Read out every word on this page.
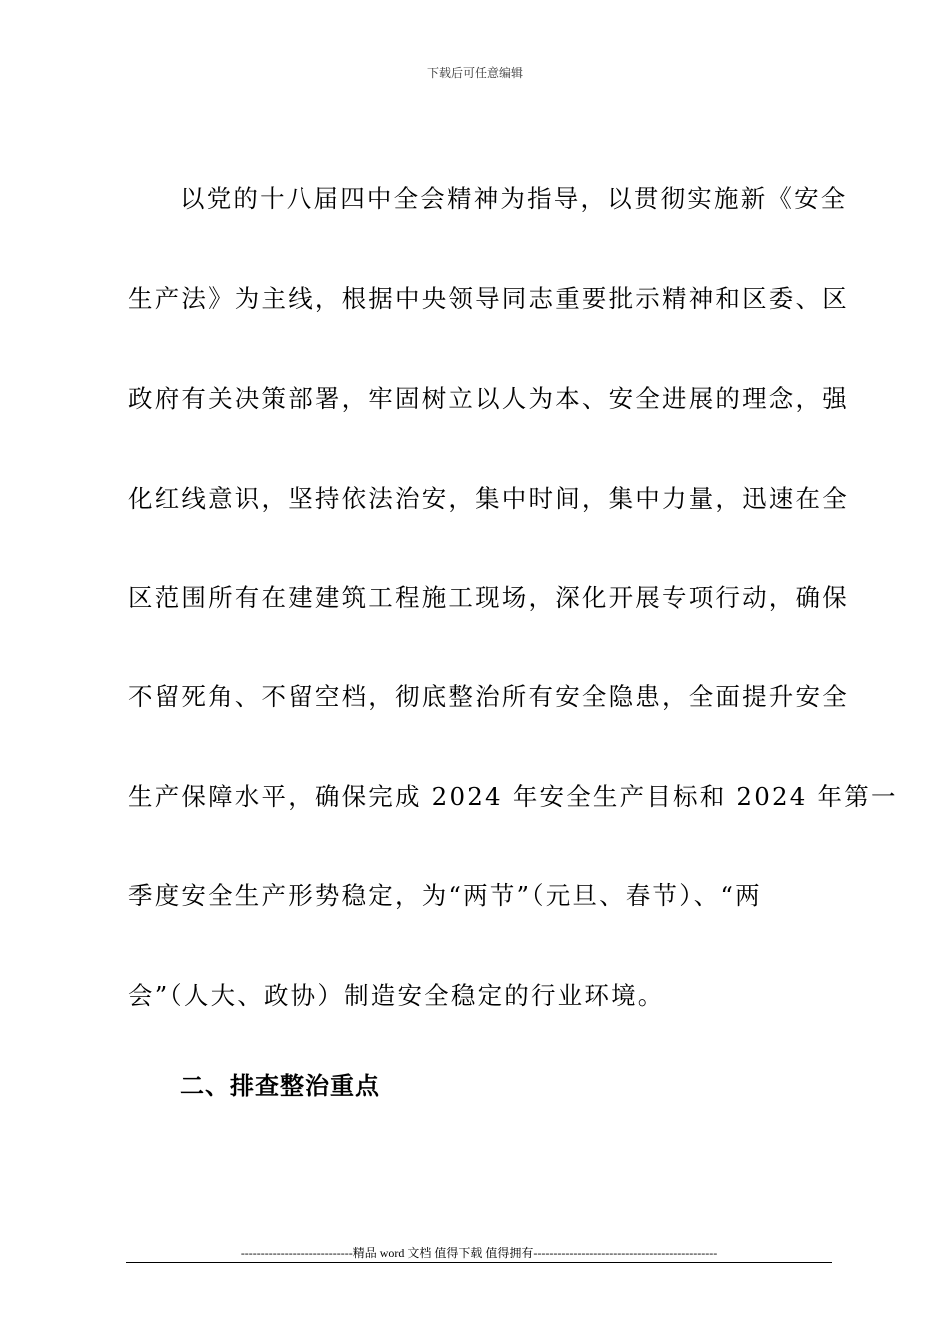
下载后可任意编辑
以党的十八届四中全会精神为指导，以贯彻实施新《安全
生产法》为主线，根据中央领导同志重要批示精神和区委、区
政府有关决策部署，牢固树立以人为本、安全进展的理念，强
化红线意识，坚持依法治安，集中时间，集中力量，迅速在全
区范围所有在建建筑工程施工现场，深化开展专项行动，确保
不留死角、不留空档，彻底整治所有安全隐患，全面提升安全
生产保障水平，确保完成 2024 年安全生产目标和 2024 年第一
季度安全生产形势稳定，为“两节”（元旦、春节）、“两
会”（人大、政协）制造安全稳定的行业环境。
二、排查整治重点
----------------------------精品 word 文档 值得下载 值得拥有----------------------------------------------
